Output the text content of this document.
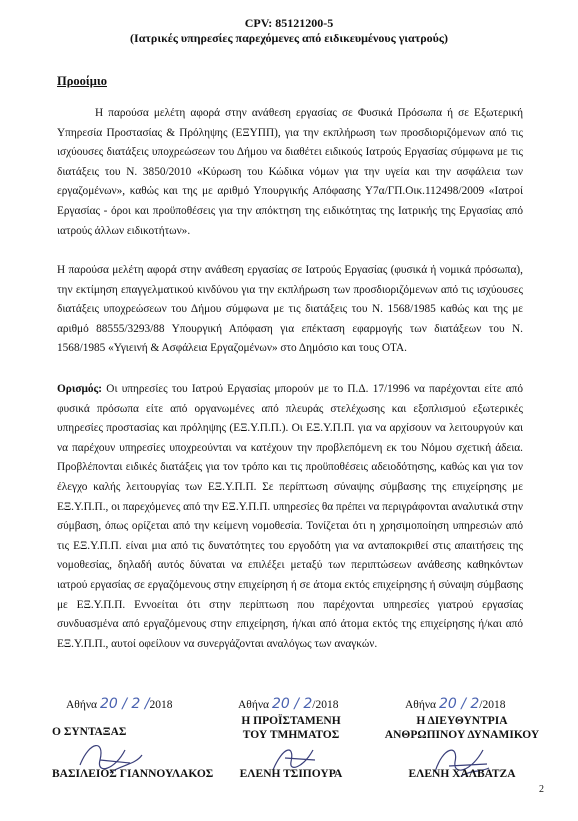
CPV: 85121200-5
(Ιατρικές υπηρεσίες παρεχόμενες από ειδικευμένους γιατρούς)
Προοίμιο
Η παρούσα μελέτη αφορά στην ανάθεση εργασίας σε Φυσικά Πρόσωπα ή σε Εξωτερική Υπηρεσία Προστασίας & Πρόληψης (ΕΞΥΠΠ), για την εκπλήρωση των προσδιοριζόμενων από τις ισχύουσες διατάξεις υποχρεώσεων του Δήμου να διαθέτει ειδικούς Ιατρούς Εργασίας σύμφωνα με τις διατάξεις του Ν. 3850/2010 «Κύρωση του Κώδικα νόμων για την υγεία και την ασφάλεια των εργαζομένων», καθώς και της με αριθμό Υπουργικής Απόφασης Υ7α/ΓΠ.Οικ.112498/2009 «Ιατροί Εργασίας - όροι και προϋποθέσεις για την απόκτηση της ειδικότητας της Ιατρικής της Εργασίας από ιατρούς άλλων ειδικοτήτων».
Η παρούσα μελέτη αφορά στην ανάθεση εργασίας σε Ιατρούς Εργασίας (φυσικά ή νομικά πρόσωπα), την εκτίμηση επαγγελματικού κινδύνου για την εκπλήρωση των προσδιοριζόμενων από τις ισχύουσες διατάξεις υποχρεώσεων του Δήμου σύμφωνα με τις διατάξεις του Ν. 1568/1985 καθώς και της με αριθμό 88555/3293/88 Υπουργική Απόφαση για επέκταση εφαρμογής των διατάξεων του Ν. 1568/1985 «Υγιεινή & Ασφάλεια Εργαζομένων» στο Δημόσιο και τους ΟΤΑ.
Ορισμός: Οι υπηρεσίες του Ιατρού Εργασίας μπορούν με το Π.Δ. 17/1996 να παρέχονται είτε από φυσικά πρόσωπα είτε από οργανωμένες από πλευράς στελέχωσης και εξοπλισμού εξωτερικές υπηρεσίες προστασίας και πρόληψης (ΕΞ.Υ.Π.Π.). Οι ΕΞ.Υ.Π.Π. για να αρχίσουν να λειτουργούν και να παρέχουν υπηρεσίες υποχρεούνται να κατέχουν την προβλεπόμενη εκ του Νόμου σχετική άδεια. Προβλέπονται ειδικές διατάξεις για τον τρόπο και τις προϋποθέσεις αδειοδότησης, καθώς και για τον έλεγχο καλής λειτουργίας των ΕΞ.Υ.Π.Π. Σε περίπτωση σύναψης σύμβασης της επιχείρησης με ΕΞ.Υ.Π.Π., οι παρεχόμενες από την ΕΞ.Υ.Π.Π. υπηρεσίες θα πρέπει να περιγράφονται αναλυτικά στην σύμβαση, όπως ορίζεται από την κείμενη νομοθεσία. Τονίζεται ότι η χρησιμοποίηση υπηρεσιών από τις ΕΞ.Υ.Π.Π. είναι μια από τις δυνατότητες του εργοδότη για να ανταποκριθεί στις απαιτήσεις της νομοθεσίας, δηλαδή αυτός δύναται να επιλέξει μεταξύ των περιπτώσεων ανάθεσης καθηκόντων ιατρού εργασίας σε εργαζόμενους στην επιχείρηση ή σε άτομα εκτός επιχείρησης ή σύναψη σύμβασης με ΕΞ.Υ.Π.Π. Εννοείται ότι στην περίπτωση που παρέχονται υπηρεσίες γιατρού εργασίας συνδυασμένα από εργαζόμενους στην επιχείρηση, ή/και από άτομα εκτός της επιχείρησης ή/και από ΕΞ.Υ.Π.Π., αυτοί οφείλουν να συνεργάζονται αναλόγως των αναγκών.
Αθήνα 20 / 2 /2018	Αθήνα 20 / 2/2018	Αθήνα 20 / 2/2018
Ο ΣΥΝΤΑΞΑΣ
Η ΠΡΟΪΣΤΑΜΕΝΗ
ΤΟΥ ΤΜΗΜΑΤΟΣ
Η ΔΙΕΥΘΥΝΤΡΙΑ
ΑΝΘΡΩΠΙΝΟΥ ΔΥΝΑΜΙΚΟΥ
ΒΑΣΙΛΕΙΟΣ ΓΙΑΝΝΟΥΛΑΚΟΣ	ΕΛΕΝΗ ΤΣΙΠΟΥΡΑ	ΕΛΕΝΗ ΧΑΛΒΑΤΖΑ
2
